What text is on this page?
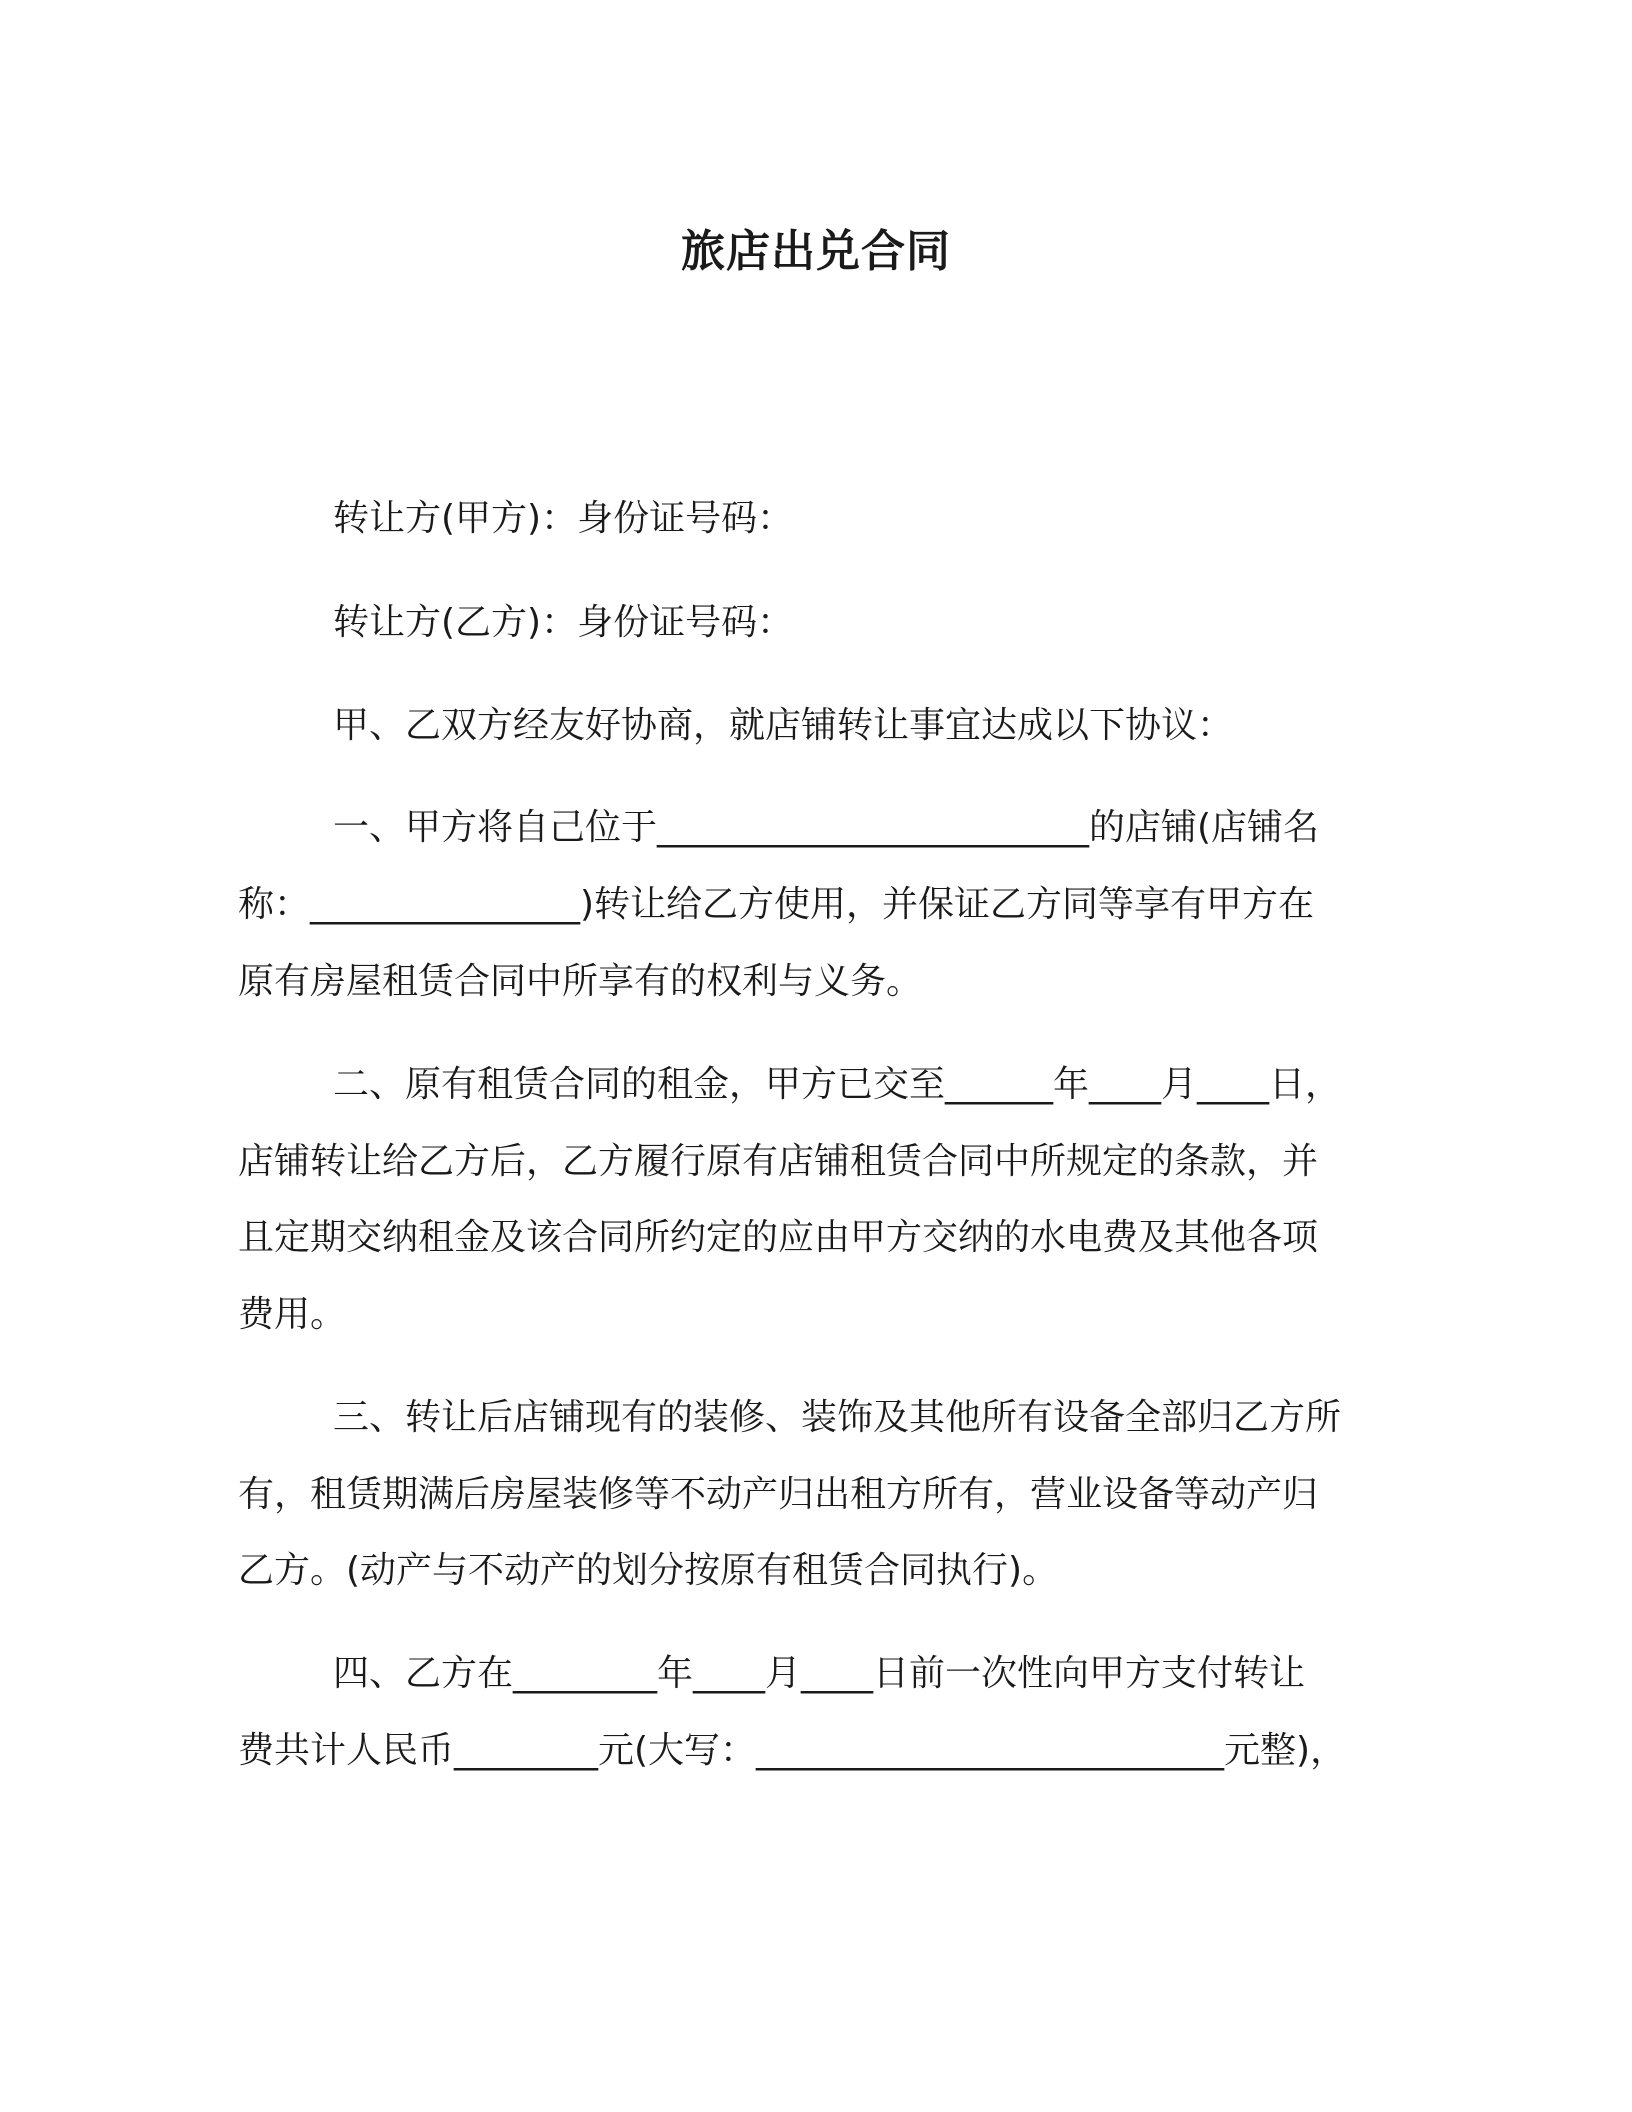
旅店出兑合同
转让方(甲方)：身份证号码：
转让方(乙方)：身份证号码：
甲、乙双方经友好协商，就店铺转让事宜达成以下协议：
一、甲方将自己位于________________________的店铺(店铺名
称：_______________)转让给乙方使用，并保证乙方同等享有甲方在
原有房屋租赁合同中所享有的权利与义务。
二、原有租赁合同的租金，甲方已交至______年____月____日，
店铺转让给乙方后，乙方履行原有店铺租赁合同中所规定的条款，并
且定期交纳租金及该合同所约定的应由甲方交纳的水电费及其他各项
费用。
三、转让后店铺现有的装修、装饰及其他所有设备全部归乙方所
有，租赁期满后房屋装修等不动产归出租方所有，营业设备等动产归
乙方。(动产与不动产的划分按原有租赁合同执行)。
四、乙方在________年____月____日前一次性向甲方支付转让
费共计人民币________元(大写：__________________________元整)，
